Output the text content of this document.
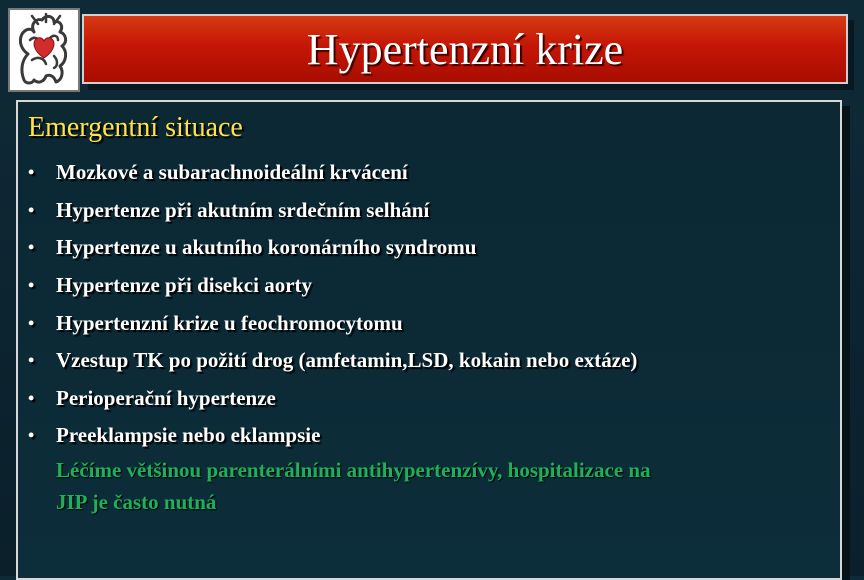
Hypertenzní krize
Emergentní situace
•	Mozkové a subarachnoideální krvácení
•	Hypertenze při akutním srdečním selhání
•	Hypertenze u akutního koronárního syndromu
•	Hypertenze při disekci aorty
•	Hypertenzní krize u feochromocytomu
•	Vzestup TK po požití drog (amfetamin,LSD, kokain nebo extáze)
•	Perioperační hypertenze
•	Preeklampsie nebo eklampsie
Léčíme většinou parenterálními antihypertenzívy, hospitalizace na
JIP je často nutná
